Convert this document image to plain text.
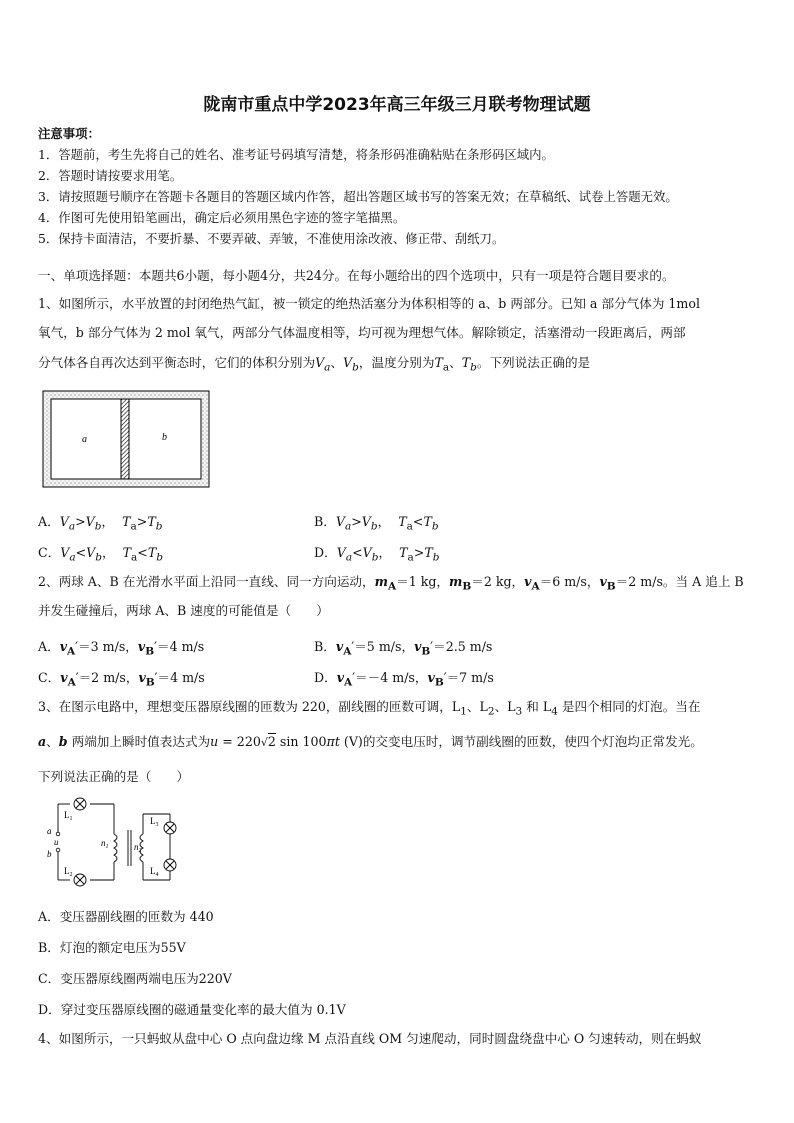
陇南市重点中学2023年高三年级三月联考物理试题
注意事项：
1．答题前，考生先将自己的姓名、准考证号码填写清楚，将条形码准确粘贴在条形码区域内。
2．答题时请按要求用笔。
3．请按照题号顺序在答题卡各题目的答题区域内作答，超出答题区域书写的答案无效；在草稿纸、试卷上答题无效。
4．作图可先使用铅笔画出，确定后必须用黑色字迹的签字笔描黑。
5．保持卡面清洁，不要折暴、不要弄破、弄皱，不准使用涂改液、修正带、刮纸刀。
一、单项选择题：本题共6小题，每小题4分，共24分。在每小题给出的四个选项中，只有一项是符合题目要求的。
1、如图所示，水平放置的封闭绝热气缸，被一锁定的绝热活塞分为体积相等的 a、b 两部分。已知 a 部分气体为 1mol
氧气，b 部分气体为 2 mol 氧气，两部分气体温度相等，均可视为理想气体。解除锁定，活塞滑动一段距离后，两部
分气体各自再次达到平衡态时，它们的体积分别为$V_a$、$V_b$，温度分别为$T_a$、$T_b$。下列说法正确的是
a	b
A．$V_a>V_b$，  $T_a>T_b$	B．$V_a>V_b$，  $T_a<T_b$
C．$V_a<V_b$，  $T_a<T_b$	D．$V_a<V_b$，  $T_a>T_b$
2、两球 A、B 在光滑水平面上沿同一直线、同一方向运动，$m_A=1$ kg，$m_B=2$ kg，$v_A=6$ m/s，$v_B=2$ m/s。当 A 追上 B
并发生碰撞后，两球 A、B 速度的可能值是（　　）
A．$v_A'=3$ m/s，$v_B'=4$ m/s	B．$v_A'=5$ m/s，$v_B'=2.5$ m/s
C．$v_A'=2$ m/s，$v_B'=4$ m/s	D．$v_A'=-4$ m/s，$v_B'=7$ m/s
3、在图示电路中，理想变压器原线圈的匝数为 220，副线圈的匝数可调，$L_1$、$L_2$、$L_3$ 和 $L_4$ 是四个相同的灯泡。当在
a、b 两端加上瞬时值表达式为u = 220√2 sin 100πt (V)的交变电压时，调节副线圈的匝数，使四个灯泡均正常发光。
下列说法正确的是（　　）
$L_1$
$L_2$
$L_3$
$L_4$
a
b
u	$n_1$	$n_2$
A．变压器副线圈的匝数为 440
B．灯泡的额定电压为55V
C．变压器原线圈两端电压为220V
D．穿过变压器原线圈的磁通量变化率的最大值为 0.1V
4、如图所示，一只蚂蚁从盘中心 O 点向盘边缘 M 点沿直线 OM 匀速爬动，同时圆盘绕盘中心 O 匀速转动，则在蚂蚁
